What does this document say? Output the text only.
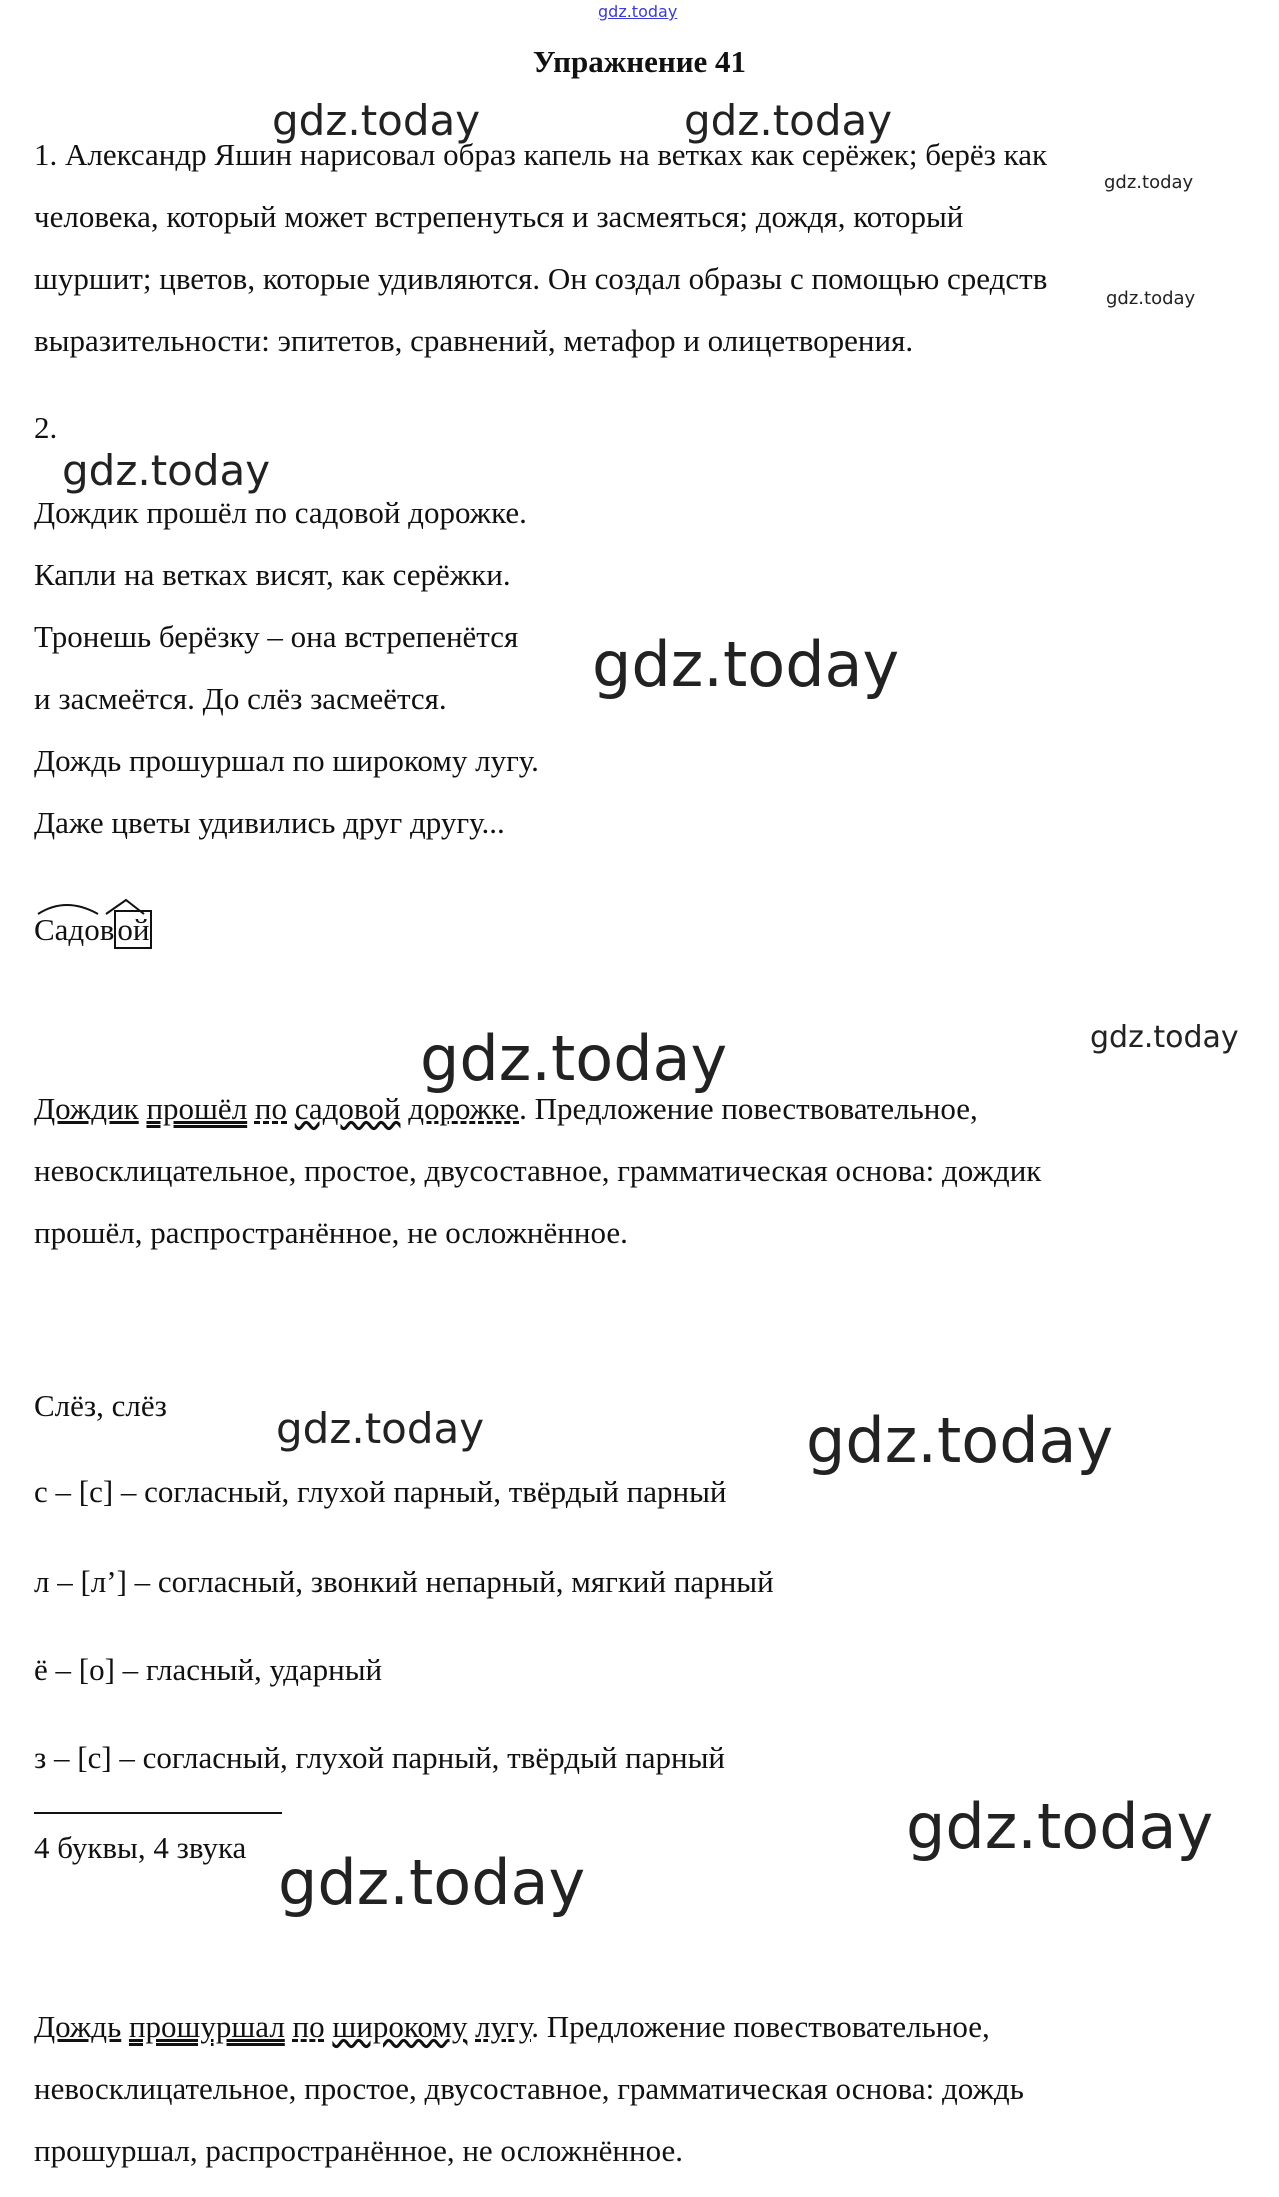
gdz.today
gdz.today	gdz.today
gdz.today
gdz.today
gdz.today
gdz.today
gdz.today	gdz.today
gdz.today	gdz.today
gdz.today
gdz.today
Упражнение 41
1. Александр Яшин нарисовал образ капель на ветках как серёжек; берёз как
человека, который может встрепенуться и засмеяться; дождя, который
шуршит; цветов, которые удивляются. Он создал образы с помощью средств
выразительности: эпитетов, сравнений, метафор и олицетворения.
2.
Дождик прошёл по садовой дорожке.
Капли на ветках висят, как серёжки.
Тронешь берёзку – она встрепенётся
и засмеётся. До слёз засмеётся.
Дождь прошуршал по широкому лугу.
Даже цветы удивились друг другу...
Садовой
Дождик прошёл по садовой дорожке. Предложение повествовательное,
невосклицательное, простое, двусоставное, грамматическая основа: дождик
прошёл, распространённое, не осложнённое.
Слёз, слёз
с – [с] – согласный, глухой парный, твёрдый парный
л – [л’] – согласный, звонкий непарный, мягкий парный
ё – [о] – гласный, ударный
з – [с] – согласный, глухой парный, твёрдый парный
4 буквы, 4 звука
Дождь прошуршал по широкому лугу. Предложение повествовательное,
невосклицательное, простое, двусоставное, грамматическая основа: дождь
прошуршал, распространённое, не осложнённое.
